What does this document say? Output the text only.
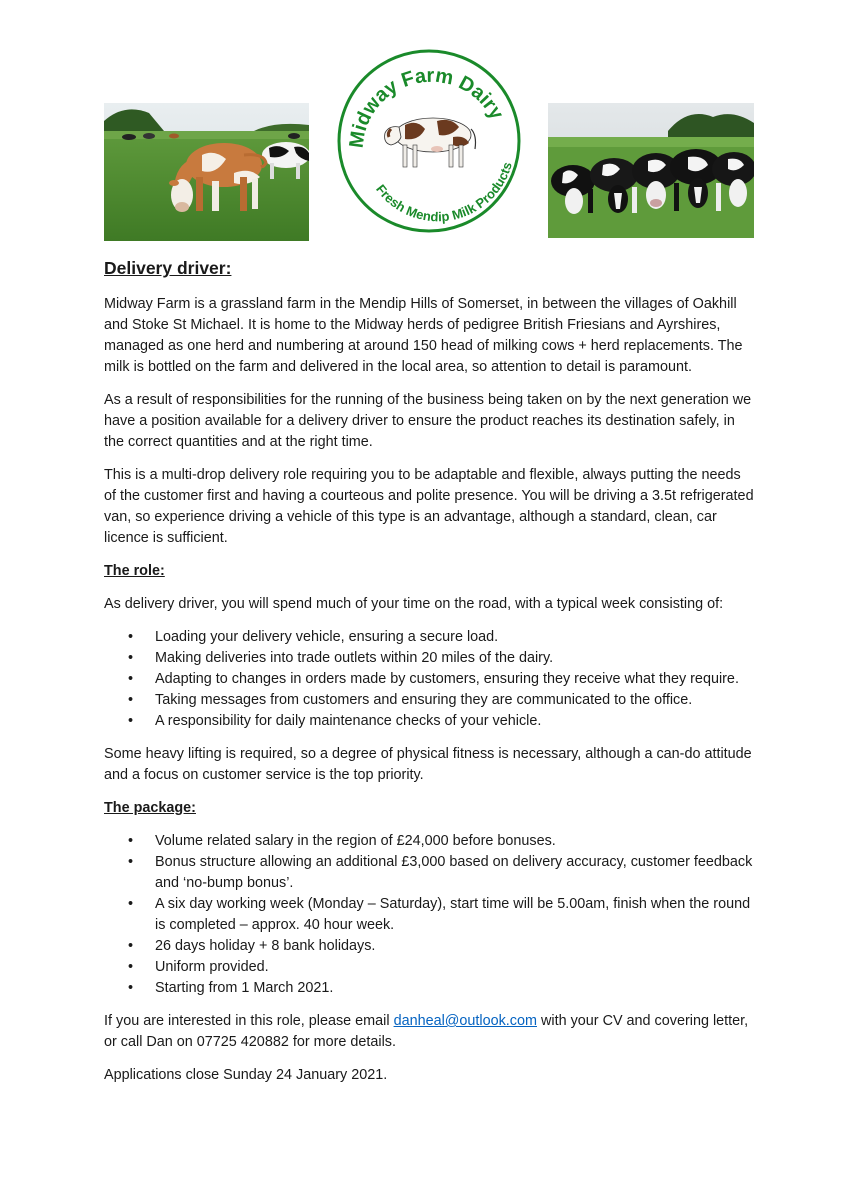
Midway Farm Dairy
Fresh Mendip Milk Products
Delivery driver:

Midway Farm is a grassland farm in the Mendip Hills of Somerset, in between the villages of Oakhill and Stoke St Michael. It is home to the Midway herds of pedigree British Friesians and Ayrshires, managed as one herd and numbering at around 150 head of milking cows + herd replacements. The milk is bottled on the farm and delivered in the local area, so attention to detail is paramount.

As a result of responsibilities for the running of the business being taken on by the next generation we have a position available for a delivery driver to ensure the product reaches its destination safely, in the correct quantities and at the right time.

This is a multi-drop delivery role requiring you to be adaptable and flexible, always putting the needs of the customer first and having a courteous and polite presence. You will be driving a 3.5t refrigerated van, so experience driving a vehicle of this type is an advantage, although a standard, clean, car licence is sufficient.

The role:

As delivery driver, you will spend much of your time on the road, with a typical week consisting of:

• Loading your delivery vehicle, ensuring a secure load.
• Making deliveries into trade outlets within 20 miles of the dairy.
• Adapting to changes in orders made by customers, ensuring they receive what they require.
• Taking messages from customers and ensuring they are communicated to the office.
• A responsibility for daily maintenance checks of your vehicle.

Some heavy lifting is required, so a degree of physical fitness is necessary, although a can-do attitude and a focus on customer service is the top priority.

The package:
• Volume related salary in the region of £24,000 before bonuses.
• Bonus structure allowing an additional £3,000 based on delivery accuracy, customer feedback and ‘no-bump bonus’.
• A six day working week (Monday – Saturday), start time will be 5.00am, finish when the round is completed – approx. 40 hour week.
• 26 days holiday + 8 bank holidays.
• Uniform provided.
• Starting from 1 March 2021.

If you are interested in this role, please email danheal@outlook.com with your CV and covering letter, or call Dan on 07725 420882 for more details.

Applications close Sunday 24 January 2021.
